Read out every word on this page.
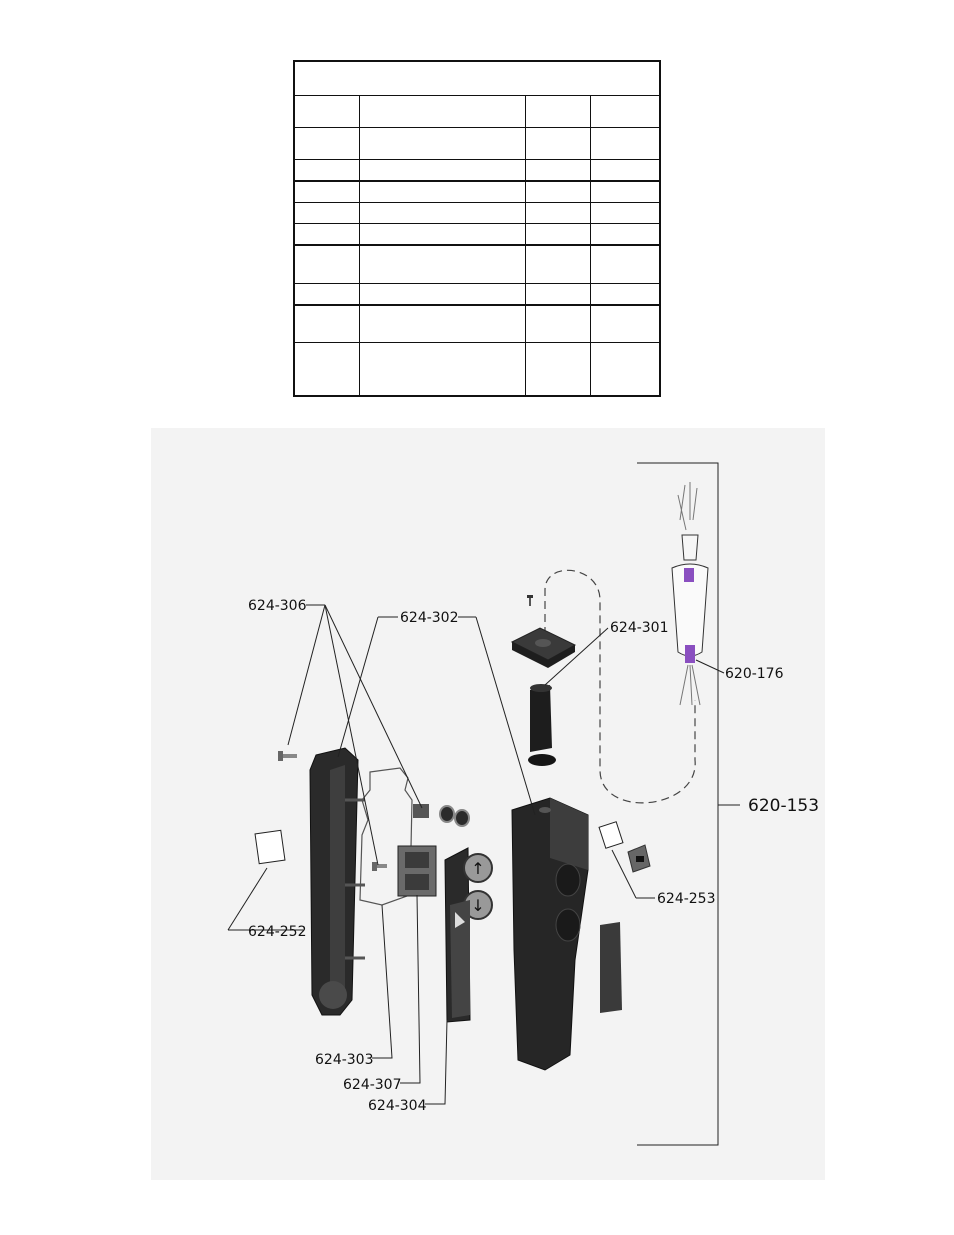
↑
↓
624-306
624-302
624-301
620-176
620-153
624-253
624-252
624-303
624-307
624-304
